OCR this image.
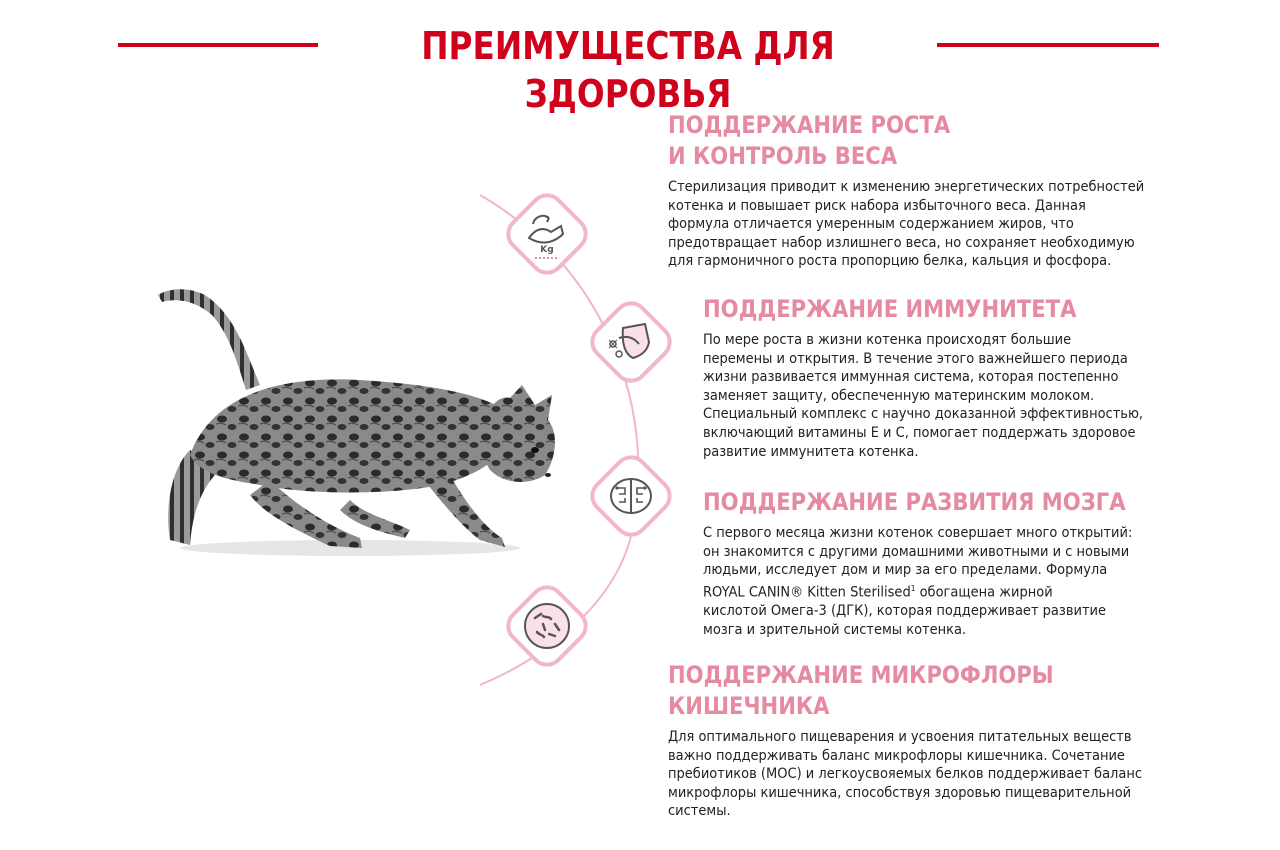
ПРЕИМУЩЕСТВА ДЛЯ ЗДОРОВЬЯ
Kg
ПОДДЕРЖАНИЕ РОСТА
И КОНТРОЛЬ ВЕСА

Стерилизация приводит к изменению энергетических потребностей
котенка и повышает риск набора избыточного веса. Данная
формула отличается умеренным содержанием жиров, что
предотвращает набор излишнего веса, но сохраняет необходимую
для гармоничного роста пропорцию белка, кальция и фосфора.

ПОДДЕРЖАНИЕ ИММУНИТЕТА

По мере роста в жизни котенка происходят большие
перемены и открытия. В течение этого важнейшего периода
жизни развивается иммунная система, которая постепенно
заменяет защиту, обеспеченную материнским молоком.
Специальный комплекс с научно доказанной эффективностью,
включающий витамины E и C, помогает поддержать здоровое
развитие иммунитета котенка.

ПОДДЕРЖАНИЕ РАЗВИТИЯ МОЗГА

С первого месяца жизни котенок совершает много открытий:
он знакомится с другими домашними животными и с новыми
людьми, исследует дом и мир за его пределами. Формула
ROYAL CANIN® Kitten Sterilised$^1$ обогащена жирной
кислотой Омега-3 (ДГК), которая поддерживает развитие
мозга и зрительной системы котенка.

ПОДДЕРЖАНИЕ МИКРОФЛОРЫ
КИШЕЧНИКА

Для оптимального пищеварения и усвоения питательных веществ
важно поддерживать баланс микрофлоры кишечника. Сочетание
пребиотиков (МОС) и легкоусвояемых белков поддерживает баланс
микрофлоры кишечника, способствуя здоровью пищеварительной
системы.
